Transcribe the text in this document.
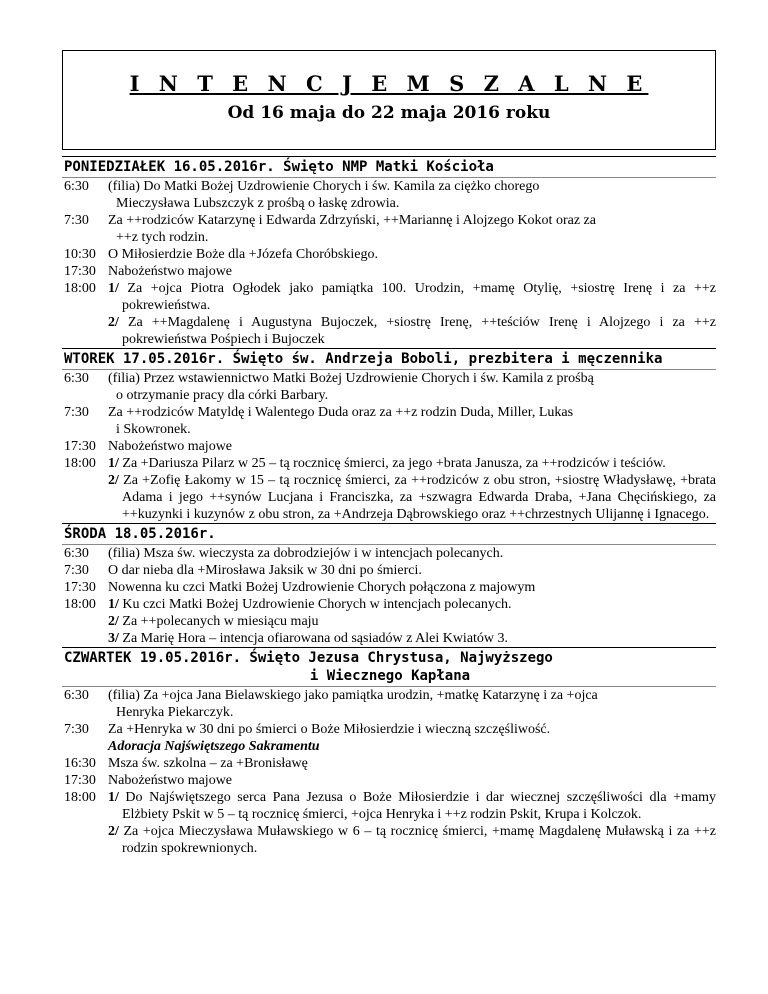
I N T E N C J E M S Z A L N E
Od 16 maja do 22 maja 2016 roku
PONIEDZIAŁEK 16.05.2016r. Święto NMP Matki Kościoła
6:30	(filia) Do Matki Bożej Uzdrowienie Chorych i św. Kamila za ciężko chorego
Mieczysława Lubszczyk z prośbą o łaskę zdrowia.
7:30	Za ++rodziców Katarzynę i Edwarda Zdrzyński, ++Mariannę i Alojzego Kokot oraz za
++z tych rodzin.
10:30 O Miłosierdzie Boże dla +Józefa Choróbskiego.
17:30 Nabożeństwo majowe
18:00 1/ Za +ojca Piotra Ogłodek jako pamiątka 100. Urodzin, +mamę Otylię, +siostrę Irenę i za ++z pokrewieństwa.
2/ Za ++Magdalenę i Augustyna Bujoczek, +siostrę Irenę, ++teściów Irenę i Alojzego i za ++z pokrewieństwa Pośpiech i Bujoczek
WTOREK 17.05.2016r. Święto św. Andrzeja Boboli, prezbitera i męczennika
6:30	(filia) Przez wstawiennictwo Matki Bożej Uzdrowienie Chorych i św. Kamila z prośbą
o otrzymanie pracy dla córki Barbary.
7:30	Za ++rodziców Matyldę i Walentego Duda oraz za ++z rodzin Duda, Miller, Lukas
i Skowronek.
17:30 Nabożeństwo majowe
18:00 1/ Za +Dariusza Pilarz w 25 – tą rocznicę śmierci, za jego +brata Janusza, za ++rodziców i teściów.
2/ Za +Zofię Łakomy w 15 – tą rocznicę śmierci, za ++rodziców z obu stron, +siostrę Władysławę, +brata Adama i jego ++synów Lucjana i Franciszka, za +szwagra Edwarda Draba, +Jana Chęcińskiego, za ++kuzynki i kuzynów z obu stron, za +Andrzeja Dąbrowskiego oraz ++chrzestnych Ulijannę i Ignacego.
ŚRODA 18.05.2016r.
6:30	(filia) Msza św. wieczysta za dobrodziejów i w intencjach polecanych.
7:30	O dar nieba dla +Mirosława Jaksik w 30 dni po śmierci.
17:30 Nowenna ku czci Matki Bożej Uzdrowienie Chorych połączona z majowym
18:00 1/ Ku czci Matki Bożej Uzdrowienie Chorych w intencjach polecanych.
2/ Za ++polecanych w miesiącu maju
3/ Za Marię Hora – intencja ofiarowana od sąsiadów z Alei Kwiatów 3.
CZWARTEK 19.05.2016r. Święto Jezusa Chrystusa, Najwyższego
i Wiecznego Kapłana
6:30	(filia) Za +ojca Jana Bielawskiego jako pamiątka urodzin, +matkę Katarzynę i za +ojca
Henryka Piekarczyk.
7:30	Za +Henryka w 30 dni po śmierci o Boże Miłosierdzie i wieczną szczęśliwość.
Adoracja Najświętszego Sakramentu
16:30 Msza św. szkolna – za +Bronisławę
17:30 Nabożeństwo majowe
18:00 1/ Do Najświętszego serca Pana Jezusa o Boże Miłosierdzie i dar wiecznej szczęśliwości dla +mamy Elżbiety Pskit w 5 – tą rocznicę śmierci, +ojca Henryka i ++z rodzin Pskit, Krupa i Kolczok.
2/ Za +ojca Mieczysława Muławskiego w 6 – tą rocznicę śmierci, +mamę Magdalenę Muławską i za ++z rodzin spokrewnionych.
